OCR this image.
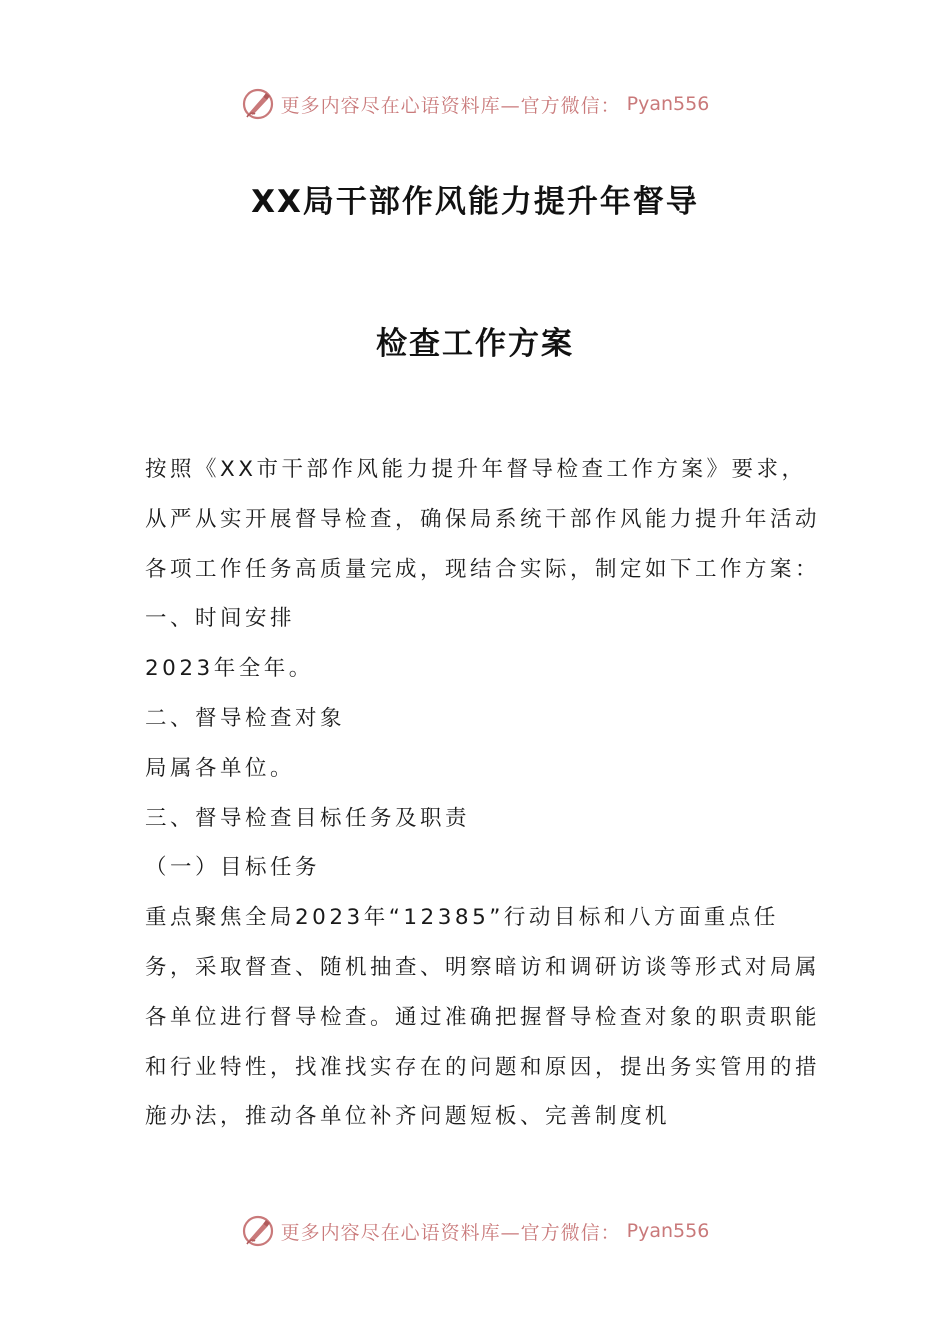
更多内容尽在心语资料库—官方微信： Pyan556
XX局干部作风能力提升年督导
检查工作方案

按照《XX市干部作风能力提升年督导检查工作方案》要求，从严从实开展督导检查，确保局系统干部作风能力提升年活动各项工作任务高质量完成，现结合实际，制定如下工作方案：

一、时间安排

2023年全年。

二、督导检查对象

局属各单位。

三、督导检查目标任务及职责

（一）目标任务

重点聚焦全局2023年“12385”行动目标和八方面重点任务，采取督查、随机抽查、明察暗访和调研访谈等形式对局属各单位进行督导检查。通过准确把握督导检查对象的职责职能和行业特性，找准找实存在的问题和原因，提出务实管用的措施办法，推动各单位补齐问题短板、完善制度机

更多内容尽在心语资料库—官方微信： Pyan556
